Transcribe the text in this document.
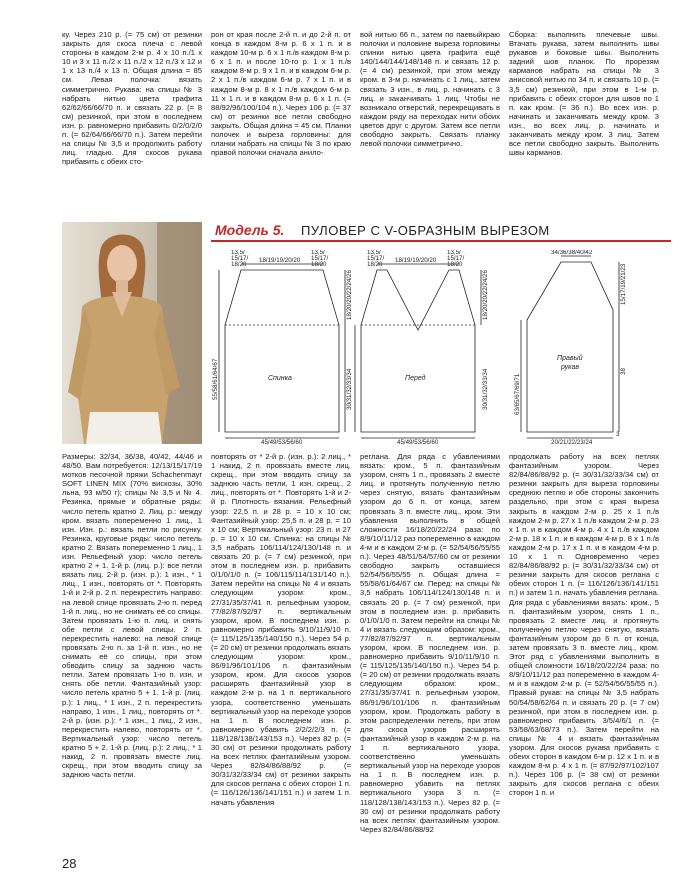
ку. Через 210 р. (= 75 см) от резинки закрыть для скоса плеча с левой стороны в каждом 2-м р. 4 х 10 п./1 х 10 и 3 х 11 п./2 х 11 п./2 х 12 п./3 х 12 и 1 х 13 п./4 х 13 п. Общая длина = 85 см. Левая полочка: вязать симметрично. Рукава: на спицы № 3 набрать нитью цвета графита 62/62/66/66/70 п. и связать 22 р. (= 8 см) резинкой, при этом в последнем изн. р. равномерно прибавить 0/2/0/2/0 п. (= 62/64/66/66/70 п.). Затем перейти на спицы № 3,5 и продолжить работу лиц. гладью. Для скосов рукава прибавить с обеих сто-

рон от края после 2-й п. и до 2-й п. от конца в каждом 8-м р. 6 х 1 п. и в каждом 10-м р. 6 х 1 п./в каждом 8-м р. 6 х 1 п. и после 10-го р. 1 х 1 п./в каждом 8-м р. 9 х 1 п. и в каждом 6-м р. 2 х 1 п./в каждом 6-м р. 7 х 1 п. и в каждом 8-м р. 8 х 1 п./в каждом 6-м р. 11 х 1 п. и в каждом 8-м р. 6 х 1 п. (= 88/92/96/100/104 п.). Через 106 р. (= 37 см) от резинки все петли свободно закрыть. Общая длина = 45 см. Планки полочек и выреза горловины: для планки набрать на спицы № 3 по краю правой полочки сначала анило-

вой нитью 66 п., затем по паевыйкраю полочки и половине выреза горловины спинки нитью цвета графита ещё 140/144/144/148/148 п. и связать 12 р. (= 4 см) резинкой, при этом между кром. в 3-м р. начинать с 1 лиц., затем связать 3 изн., в лиц. р. начинать с 3 лиц. и заканчивать 1 лиц. Чтобы не возникало отверстий, перекрещивать в каждом ряду на переходах нити обоих цветов друг с другом. Затем все петли свободно закрыть. Связать планку левой полочки симметрично.

Сборка: выполнить плечевые швы. Втачать рукава, затем выполнить швы рукавов и боковые швы. Выполнить задний шов планок. По прорезям карманов набрать на спицы № 3 анисовой нитью по 34 п. и связать 10 р. (= 3,5 см) резинкой, при этом в 1-м р. прибавить с обеих сторон для швов по 1 п. как кром. (= 36 п.). Во всех изн. р. начинать и заканчивать между кром. 3 изн., во всех лиц. р. начинать и заканчивать между кром. 3 лиц. Затем все петли свободно закрыть. Выполнить швы карманов.

Модель 5. ПУЛОВЕР С V-ОБРАЗНЫМ ВЫРЕЗОМ
Спинка	Перед
Правый
рукав
13,5/
15/17/
18/20
13,5/
15/17/
18/20
18/19/19/20/20
13,5/
15/17/
18/20
13,5/
15/17/
18/20
18/19/19/20/20
34/36/38/40/42
45/49/53/56/60	45/49/53/56/60	20/21/22/23/24
55/58/61/64/67
18/20/20/22/24/26
30/31/32/33/34
18/20/20/22/24/26
30/31/32/33/34	63/65/67/69/71
15/17/19/21/23
38
3

Размеры: 32/34, 36/38, 40/42, 44/46 и 48/50. Вам потребуется: 12/13/15/17/19 мотков песочной пряжи Schachenmayr SOFT LINEN MIX (70% вискозы, 30% льна, 93 м/50 г); спицы № 3,5 и № 4. Резинка, прямые и обратные ряды: число петель кратно 2. Лиц. р.: между кром. вязать попеременно 1 лиц., 1 изн. Изн. р.: вязать петли по рисунку. Резинка, круговые ряды: число петель кратно 2. Вязать попеременно 1 лиц., 1 изн. Рельефный узор: число петель кратно 2 + 1. 1-й р. (лиц. р.): все петли вязать лиц. 2-й р. (изн. р.): 1 изн., * 1 лиц., 1 изн., повторять от *. Повторять 1-й и 2-й р. 2 п. перекрестить направо: на левой спице провязать 2-ю п. перед 1-й п. лиц., но не снимать её со спицы. Затем провязать 1-ю п. лиц. и снять обе петли с левой спицы. 2 п. перекрестить налево: на левой спице провязать 2-ю п. за 1-й п. изн., но не снимать её со спицы, при этом обводить спицу за заднюю часть петли. Затем провязать 1-ю п. изн. и снять обе петли. Фантазийный узор: число петель кратно 5 + 1. 1-й р. (лиц. р.): 1 лиц., * 1 изн., 2 п. перекрестить направо, 1 изн., 1 лиц., повторять от *. 2-й р. (изн. р.): * 1 изн., 1 лиц., 2 изн., перекрестить налево, повторять от *. Вертикальный узор: число петель кратно 5 + 2. 1-й р. (лиц. р.): 2 лиц., * 1 накид, 2 п. провязать вместе лиц. скрещ., при этом вводить спицу за заднюю часть петли.

повторять от * 2-й р. (изн. р.): 2 лиц., * 1 накид, 2 п. провязать вместе лиц. скрещ., при этом вводить спицу за заднюю часть петли, 1 изн. скрещ., 2 лиц., повторять от *. Повторять 1-й и 2-й р. Плотность вязания. Рельефный узор: 22,5 п. и 28 р. = 10 х 10 см; Фантазийный узор: 25,5 п. и 28 р. = 10 х 10 см; Вертикальный узор: 23 п. и 27 р. = 10 х 10 см. Спинка: на спицы № 3,5 набрать 106/114/124/130/148 п. и связать 20 р. (= 7 см) резинкой, при этом в последнем изн. р. прибавить 0/1/0/1/0 п. (= 106/115/114/131/140 п.). Затем перейти на спицы № 4 и вязать следующим узором: кром., 27/31/35/37/41 п. рельефным узором, 77/82/87/92/97 п. вертикальным узором, кром. В последнем изн. р. равномерно прибавить 9/10/11/9/10 п. (= 115/125/135/140/150 п.). Через 54 р. (= 20 см) от резинки продолжать вязать следующим узором: кром., 86/91/96/101/106 п. фантазийным узором, кром. Для скосов узоров расширять фантазийный узор в каждом 2-м р. на 1 п. вертикального узора, соответственно уменьшать вертикальный узор на переходе узоров на 1 п. В последнем изн. р. равномерно убавить 2/2/2/2/3 п. (= 118/128/138/143/153 п.). Через 82 р. (= 30 см) от резинки продолжать работу на всех петлях фантазийным узором. Через 82/84/86/88/92 р. (= 30/31/32/33/34 см) от резинки закрыть для скосов реглана с обеих сторон 1 п. (= 116/126/136/141/151 п.) и затем 1 п. начать убавления

реглана. Для ряда с убавлениями вязать: кром., 5 п. фантазийным узором, снять 1 п., провязать 2 вместе лиц. и протянуть полученную петлю через снятую, вязать фантазийным узором до 6 п. от конца, затем провязать 3 п. вместе лиц., кром. Эти убавления выполнить в общей сложности 16/18/20/22/24 раза: по 8/9/10/11/12 раз попеременно в каждом 4-м и в каждом 2-м р. (= 52/54/56/55/55 п.). Через 48/51/54/57/60 см от резинки свободно закрыть оставшиеся 52/54/56/55/55 п. Общая длина = 55/58/61/64/67 см. Перед: на спицы № 3,5 набрать 106/114/124/130/148 п. и связать 20 р. (= 7 см) резинкой, при этом в последнем изн. р. прибавить 0/1/0/1/0 п. Затем перейти на спицы № 4 и вязать следующим образом: кром., 77/82/87/92/97 п. вертикальным узором, кром. В последнем изн. р. равномерно прибавить 9/10/11/9/10 п. (= 115/125/135/140/150 п.). Через 54 р. (= 20 см) от резинки продолжать вязать следующим образом: кром., 27/31/35/37/41 п. рельефным узором, 86/91/96/101/106 п. фантазийным узором, кром. Продолжать работу в этом распределении петель, при этом для скоса узоров расширять фантазийный узор в каждом 2-м р. на 1 п. вертикального узора, соответственно уменьшать вертикальный узор на переходе узоров на 1 п. В последнем изн. р. равномерно убавить на петлях вертикального узора 3 п. (= 118/128/138/143/153 п.). Через 82 р. (= 30 см) от резинки продолжать работу на всех петлях фантазийным узором. Через 82/84/86/88/92

продолжать работу на всех петлях фантазийным узором. Через 82/84/86/88/92 р. (= 30/31/32/33/34 см) от резинки закрыть для выреза горловины среднюю петлю и обе стороны закончить раздельно, при этом с края выреза закрыть в каждом 2-м р. 25 х 1 п./в каждом 2-м р. 27 х 1 п./в каждом 2-м р. 23 х 1 п. и в каждом 4-м р. 4 х 1 п./в каждом 2-м р. 18 х 1 п. и в каждом 4-м р. 8 х 1 п./в каждом 2-м р. 17 х 1 п. и в каждом 4-м р. 10 х 1 п. Одновременно через 82/84/86/88/92 р. (= 30/31/32/33/34 см) от резинки закрыть для скосов реглана с обеих сторон 1 п. (= 116/126/136/141/151 п.) и затем 1 п. начать убавления реглана. Для ряда с убавлениями вязать: кром., 5 п. фантазийным узором, снять 1 п., провязать 2 вместе лиц. и протянуть полученную петлю через снятую, вязать фантазийным узором до 6 п. от конца, затем провязать 3 п. вместе лиц., кром. Этот ряд с убавлениями выполнить в общей сложности 16/18/20/22/24 раза: по 8/9/10/11/12 раз попеременно в каждом 4-м и в каждом 2-м р. (= 52/54/56/55/55 п.). Правый рукав: на спицы № 3,5 набрать 50/54/58/62/64 п. и связать 20 р. (= 7 см) резинкой, при этом в последнем изн. р. равномерно прибавить 3/5/4/6/1 п. (= 53/58/63/68/73 п.). Затем перейти на спицы № 4 и вязать фантазийным узором. Для скосов рукава прибавить с обеих сторон в каждом 6-м р. 12 х 1 п. и в каждом 8-м р. 4 х 1 п. (= 87/92/97/102/107 п.). Через 106 р. (= 38 см) от резинки закрыть для скосов реглана с обеих сторон 1 п. и

28
